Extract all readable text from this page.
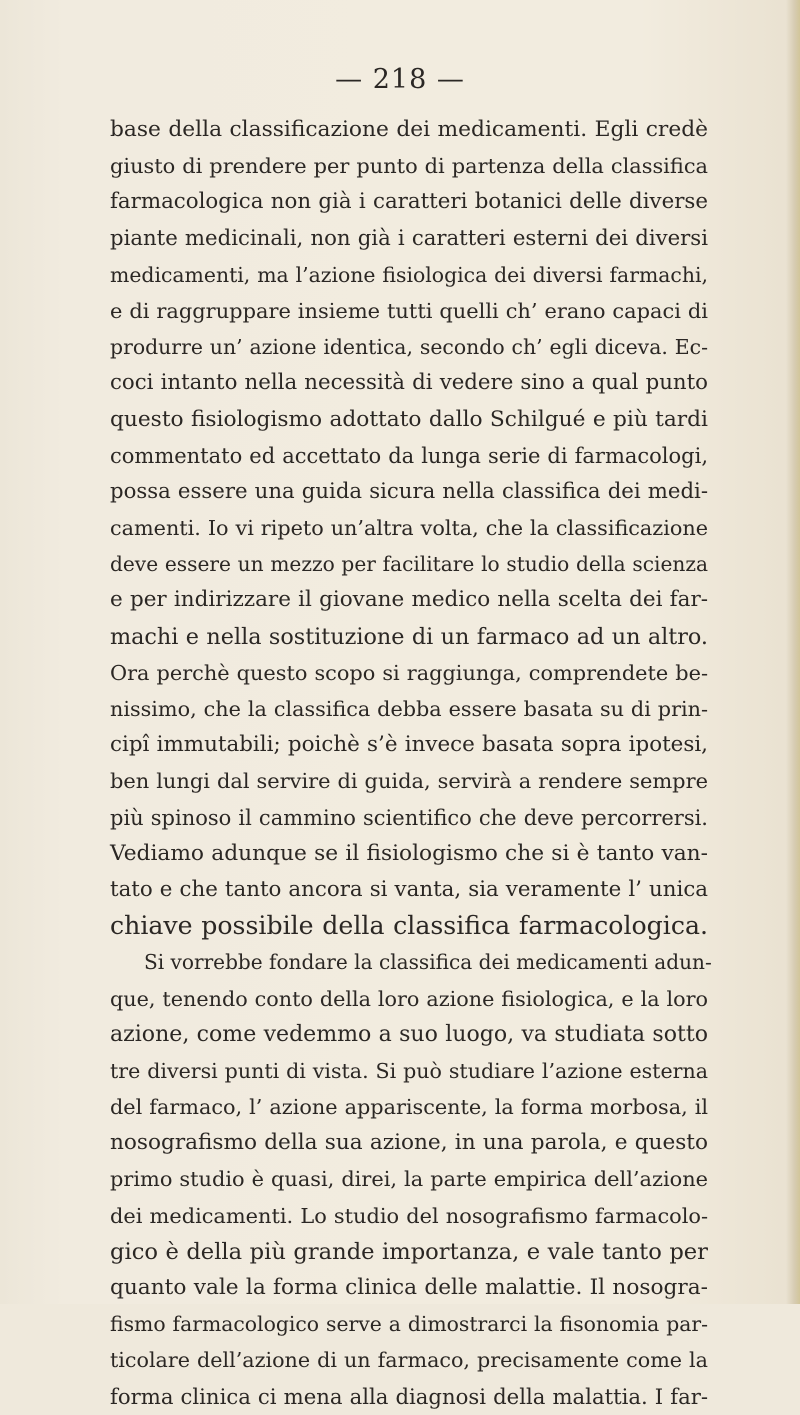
— 218 —

base della classificazione dei medicamenti. Egli credè
giusto di prendere per punto di partenza della classifica
farmacologica non già i caratteri botanici delle diverse
piante medicinali, non già i caratteri esterni dei diversi
medicamenti, ma l’azione fisiologica dei diversi farmachi,
e di raggruppare insieme tutti quelli ch’ erano capaci di
produrre un’ azione identica, secondo ch’ egli diceva. Ec-
coci intanto nella necessità di vedere sino a qual punto
questo fisiologismo adottato dallo Schilgué e più tardi
commentato ed accettato da lunga serie di farmacologi,
possa essere una guida sicura nella classifica dei medi-
camenti. Io vi ripeto un’altra volta, che la classificazione
deve essere un mezzo per facilitare lo studio della scienza
e per indirizzare il giovane medico nella scelta dei far-
machi e nella sostituzione di un farmaco ad un altro.
Ora perchè questo scopo si raggiunga, comprendete be-
nissimo, che la classifica debba essere basata su di prin-
cipî immutabili; poichè s’è invece basata sopra ipotesi,
ben lungi dal servire di guida, servirà a rendere sempre
più spinoso il cammino scientifico che deve percorrersi.
Vediamo adunque se il fisiologismo che si è tanto van-
tato e che tanto ancora si vanta, sia veramente l’ unica
chiave possibile della classifica farmacologica.
Si vorrebbe fondare la classifica dei medicamenti adun-
que, tenendo conto della loro azione fisiologica, e la loro
azione, come vedemmo a suo luogo, va studiata sotto
tre diversi punti di vista. Si può studiare l’azione esterna
del farmaco, l’ azione appariscente, la forma morbosa, il
nosografismo della sua azione, in una parola, e questo
primo studio è quasi, direi, la parte empirica dell’azione
dei medicamenti. Lo studio del nosografismo farmacolo-
gico è della più grande importanza, e vale tanto per
quanto vale la forma clinica delle malattie. Il nosogra-
fismo farmacologico serve a dimostrarci la fisonomia par-
ticolare dell’azione di un farmaco, precisamente come la
forma clinica ci mena alla diagnosi della malattia. I far-
